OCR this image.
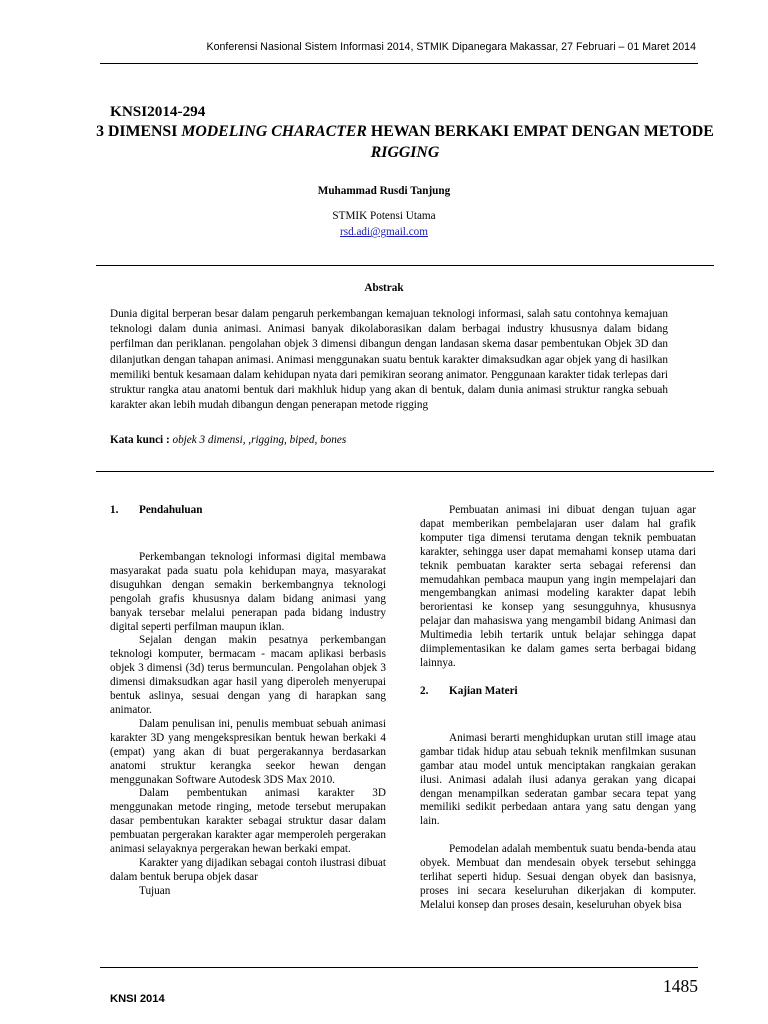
Konferensi Nasional Sistem Informasi 2014, STMIK Dipanegara Makassar, 27 Februari – 01 Maret 2014
KNSI2014-294
3 DIMENSI MODELING CHARACTER HEWAN BERKAKI EMPAT DENGAN METODE RIGGING
Muhammad Rusdi Tanjung
STMIK Potensi Utama
rsd.adi@gmail.com
Abstrak

Dunia digital berperan besar dalam pengaruh perkembangan kemajuan teknologi informasi, salah satu contohnya kemajuan teknologi dalam dunia animasi. Animasi banyak dikolaborasikan dalam berbagai industry khususnya dalam bidang perfilman dan periklanan. pengolahan objek 3 dimensi dibangun dengan landasan skema dasar pembentukan Objek 3D dan dilanjutkan dengan tahapan animasi. Animasi menggunakan suatu bentuk karakter dimaksudkan agar objek yang di hasilkan memiliki bentuk kesamaan dalam kehidupan nyata dari pemikiran seorang animator. Penggunaan karakter tidak terlepas dari struktur rangka atau anatomi bentuk dari makhluk hidup yang akan di bentuk, dalam dunia animasi struktur rangka sebuah karakter akan lebih mudah dibangun dengan penerapan metode rigging

Kata kunci : objek 3 dimensi, ,rigging, biped, bones
1. Pendahuluan

Perkembangan teknologi informasi digital membawa masyarakat pada suatu pola kehidupan maya, masyarakat disuguhkan dengan semakin berkembangnya teknologi pengolah grafis khususnya dalam bidang animasi yang banyak tersebar melalui penerapan pada bidang industry digital seperti perfilman maupun iklan.

Sejalan dengan makin pesatnya perkembangan teknologi komputer, bermacam - macam aplikasi berbasis objek 3 dimensi (3d) terus bermunculan. Pengolahan objek 3 dimensi dimaksudkan agar hasil yang diperoleh menyerupai bentuk aslinya, sesuai dengan yang di harapkan sang animator.

Dalam penulisan ini, penulis membuat sebuah animasi karakter 3D yang mengekspresikan bentuk hewan berkaki 4 (empat) yang akan di buat pergerakannya berdasarkan anatomi struktur kerangka seekor hewan dengan menggunakan Software Autodesk 3DS Max 2010.

Dalam pembentukan animasi karakter 3D menggunakan metode ringing, metode tersebut merupakan dasar pembentukan karakter sebagai struktur dasar dalam pembuatan pergerakan karakter agar memperoleh pergerakan animasi selayaknya pergerakan hewan berkaki empat.

Karakter yang dijadikan sebagai contoh ilustrasi dibuat dalam bentuk berupa objek dasar

Tujuan

Pembuatan animasi ini dibuat dengan tujuan agar dapat memberikan pembelajaran user dalam hal grafik komputer tiga dimensi terutama dengan teknik pembuatan karakter, sehingga user dapat memahami konsep utama dari teknik pembuatan karakter serta sebagai referensi dan memudahkan pembaca maupun yang ingin mempelajari dan mengembangkan animasi modeling karakter dapat lebih berorientasi ke konsep yang sesungguhnya, khususnya pelajar dan mahasiswa yang mengambil bidang Animasi dan Multimedia lebih tertarik untuk belajar sehingga dapat diimplementasikan ke dalam games serta berbagai bidang lainnya.

2. Kajian Materi

Animasi berarti menghidupkan urutan still image atau gambar tidak hidup atau sebuah teknik menfilmkan susunan gambar atau model untuk menciptakan rangkaian gerakan ilusi. Animasi adalah ilusi adanya gerakan yang dicapai dengan menampilkan sederatan gambar secara tepat yang memiliki sedikit perbedaan antara yang satu dengan yang lain.

Pemodelan adalah membentuk suatu benda-benda atau obyek. Membuat dan mendesain obyek tersebut sehingga terlihat seperti hidup. Sesuai dengan obyek dan basisnya, proses ini secara keseluruhan dikerjakan di komputer. Melalui konsep dan proses desain, keseluruhan obyek bisa

KNSI 2014
1485
